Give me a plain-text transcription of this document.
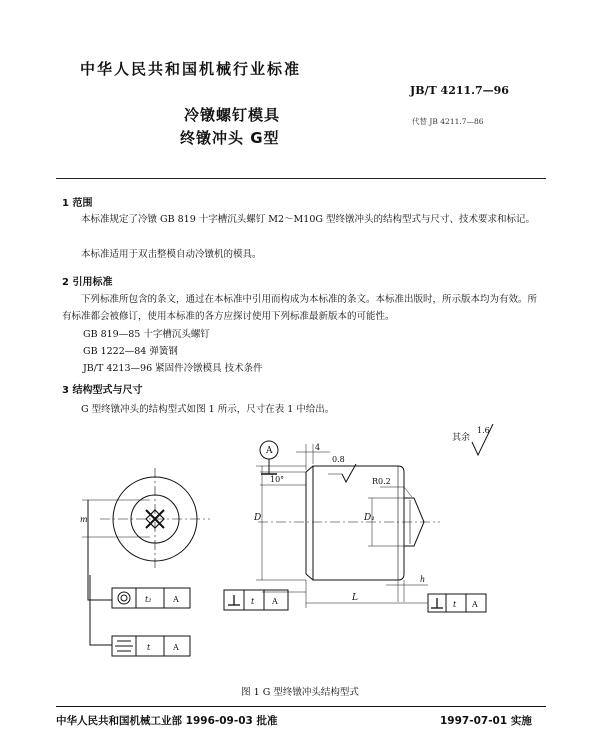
中华人民共和国机械行业标准
JB/T 4211.7—96
冷镦螺钉模具
终镦冲头 G型
代替 JB 4211.7—86
1 范围
本标准规定了冷镦 GB 819 十字槽沉头螺钉 M2～M10G 型终镦冲头的结构型式与尺寸、技术要求和标记。
本标准适用于双击整模自动冷镦机的模具。
2 引用标准
下列标准所包含的条文，通过在本标准中引用而构成为本标准的条文。本标准出版时，所示版本均为有效。所有标准都会被修订，使用本标准的各方应探讨使用下列标准最新版本的可能性。
GB 819—85 十字槽沉头螺钉
GB 1222—84 弹簧钢
JB/T 4213—96 紧固件冷镦模具 技术条件
3 结构型式与尺寸
G 型终镦冲头的结构型式如图 1 所示，尺寸在表 1 中给出。
1.6
其余
A	4
0.8
10°	R0.2
D	D₁
h
L
m
t₂	A
t	A
t A	t A
图 1 G 型终镦冲头结构型式
中华人民共和国机械工业部 1996-09-03 批准	1997-07-01 实施
